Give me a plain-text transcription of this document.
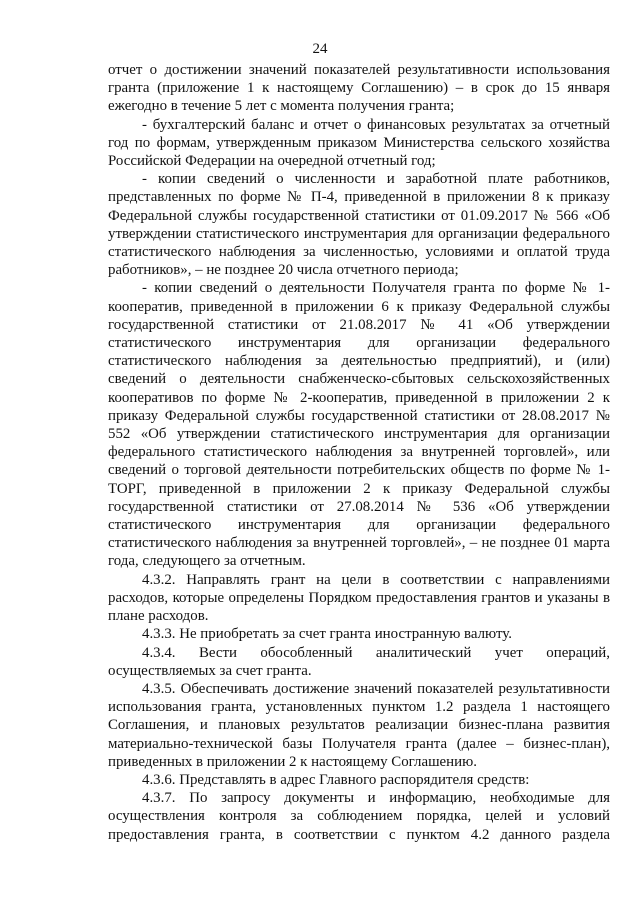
24

отчет о достижении значений показателей результативности использования гранта (приложение 1 к настоящему Соглашению) – в срок до 15 января ежегодно в течение 5 лет с момента получения гранта;

- бухгалтерский баланс и отчет о финансовых результатах за отчетный год по формам, утвержденным приказом Министерства сельского хозяйства Российской Федерации на очередной отчетный год;

- копии сведений о численности и заработной плате работников, представленных по форме № П-4, приведенной в приложении 8 к приказу Федеральной службы государственной статистики от 01.09.2017 № 566 «Об утверждении статистического инструментария для организации федерального статистического наблюдения за численностью, условиями и оплатой труда работников», – не позднее 20 числа отчетного периода;

- копии сведений о деятельности Получателя гранта по форме № 1-кооператив, приведенной в приложении 6 к приказу Федеральной службы государственной статистики от 21.08.2017 № 41 «Об утверждении статистического инструментария для организации федерального статистического наблюдения за деятельностью предприятий), и (или) сведений о деятельности снабженческо-сбытовых сельскохозяйственных кооперативов по форме № 2-кооператив, приведенной в приложении 2 к приказу Федеральной службы государственной статистики от 28.08.2017 № 552 «Об утверждении статистического инструментария для организации федерального статистического наблюдения за внутренней торговлей», или сведений о торговой деятельности потребительских обществ по форме № 1-ТОРГ, приведенной в приложении 2 к приказу Федеральной службы государственной статистики от 27.08.2014 № 536 «Об утверждении статистического инструментария для организации федерального статистического наблюдения за внутренней торговлей», – не позднее 01 марта года, следующего за отчетным.

4.3.2. Направлять грант на цели в соответствии с направлениями расходов, которые определены Порядком предоставления грантов и указаны в плане расходов.

4.3.3. Не приобретать за счет гранта иностранную валюту.

4.3.4. Вести обособленный аналитический учет операций, осуществляемых за счет гранта.

4.3.5. Обеспечивать достижение значений показателей результативности использования гранта, установленных пунктом 1.2 раздела 1 настоящего Соглашения, и плановых результатов реализации бизнес-плана развития материально-технической базы Получателя гранта (далее – бизнес-план), приведенных в приложении 2 к настоящему Соглашению.

4.3.6. Представлять в адрес Главного распорядителя средств:

4.3.7. По запросу документы и информацию, необходимые для осуществления контроля за соблюдением порядка, целей и условий предоставления гранта, в соответствии с пунктом 4.2 данного раздела
